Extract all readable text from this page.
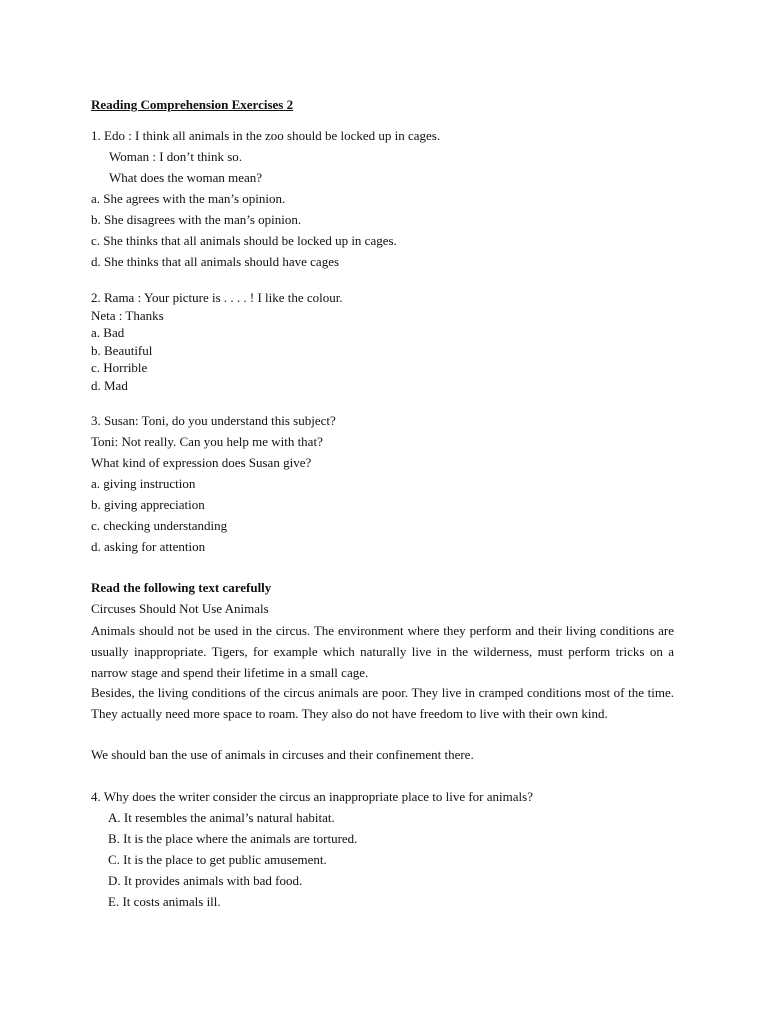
Reading Comprehension Exercises 2
1. Edo : I think all animals in the zoo should be locked up in cages.
Woman : I don’t think so.
What does the woman mean?
a. She agrees with the man’s opinion.
b. She disagrees with the man’s opinion.
c. She thinks that all animals should be locked up in cages.
d. She thinks that all animals should have cages
2. Rama : Your picture is . . . . ! I like the colour.
Neta : Thanks
a. Bad
b. Beautiful
c. Horrible
d. Mad
3. Susan: Toni, do you understand this subject?
Toni: Not really. Can you help me with that?
What kind of expression does Susan give?
a. giving instruction
b. giving appreciation
c. checking understanding
d. asking for attention
Read the following text carefully
Circuses Should Not Use Animals
Animals should not be used in the circus. The environment where they perform and their living conditions are usually inappropriate. Tigers, for example which naturally live in the wilderness, must perform tricks on a narrow stage and spend their lifetime in a small cage.
Besides, the living conditions of the circus animals are poor. They live in cramped conditions most of the time. They actually need more space to roam. They also do not have freedom to live with their own kind.
We should ban the use of animals in circuses and their confinement there.
4. Why does the writer consider the circus an inappropriate place to live for animals?
A. It resembles the animal’s natural habitat.
B. It is the place where the animals are tortured.
C. It is the place to get public amusement.
D. It provides animals with bad food.
E. It costs animals ill.
